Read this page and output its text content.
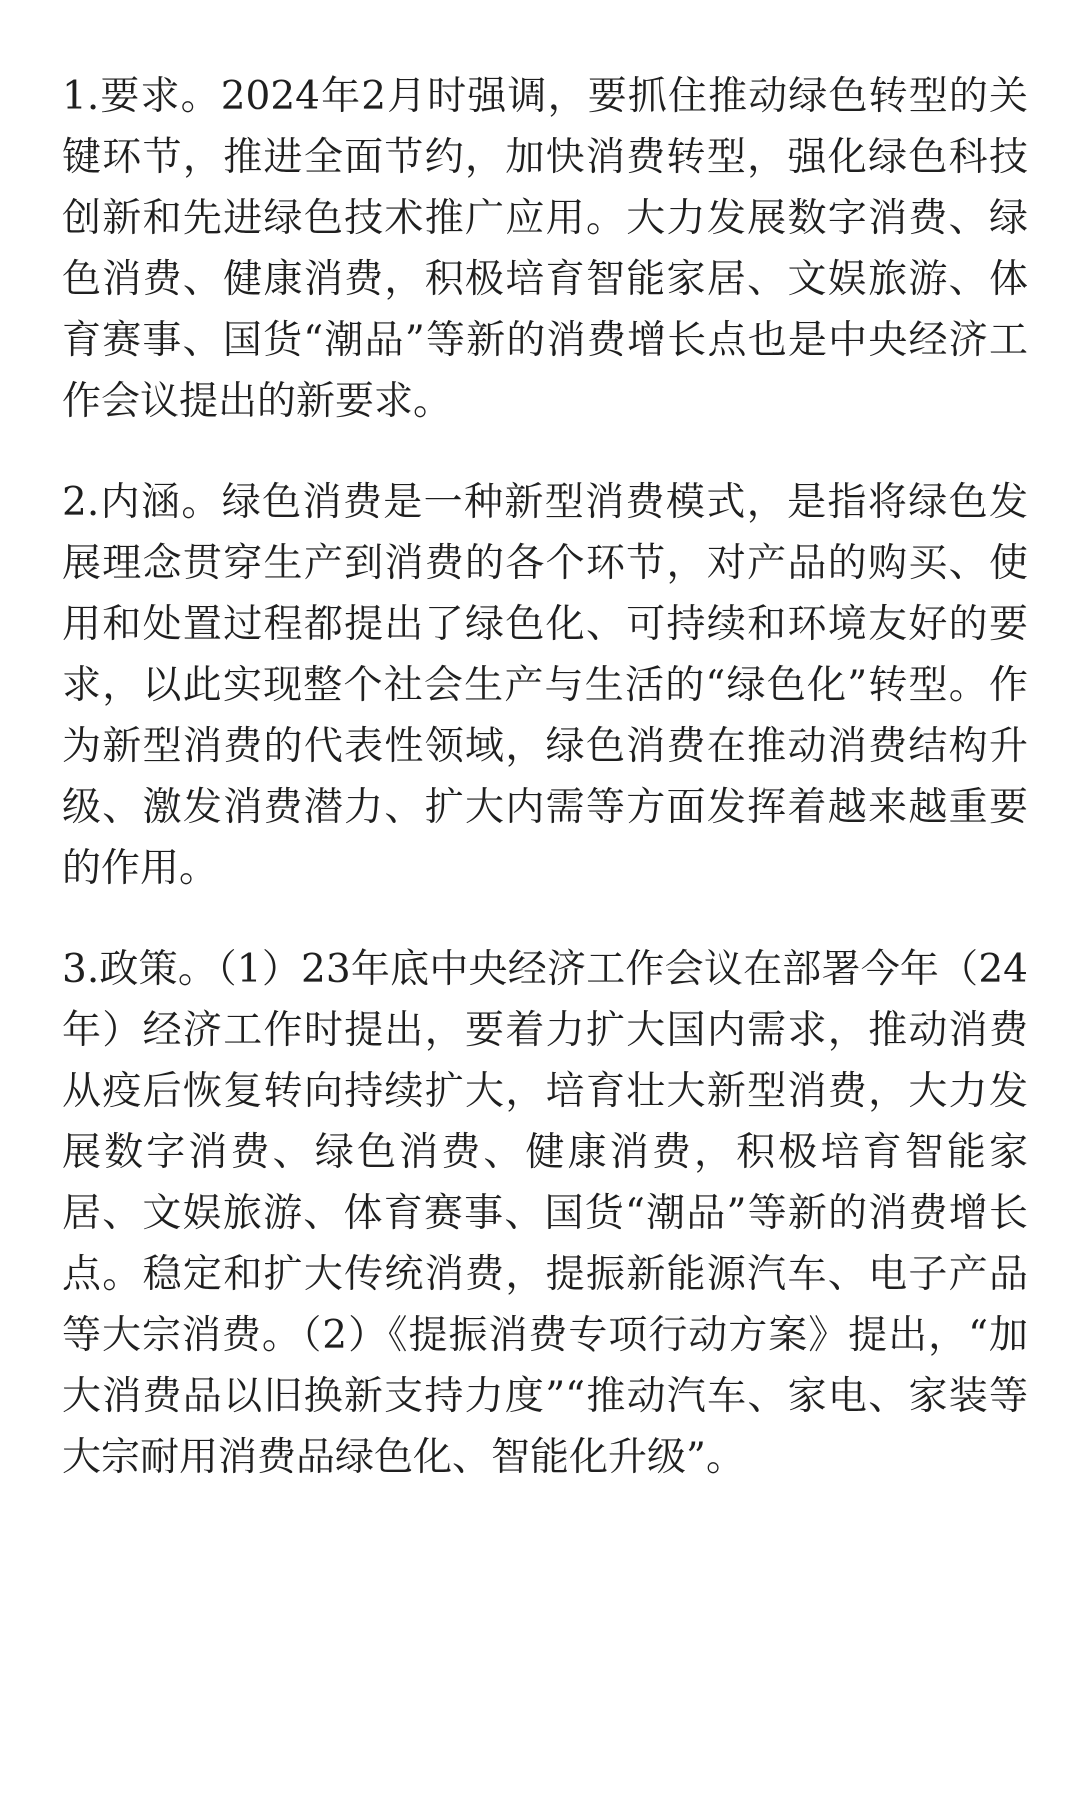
1.要求。2024年2月时强调，要抓住推动绿色转型的关键环节，推进全面节约，加快消费转型，强化绿色科技创新和先进绿色技术推广应用。大力发展数字消费、绿色消费、健康消费，积极培育智能家居、文娱旅游、体育赛事、国货“潮品”等新的消费增长点也是中央经济工作会议提出的新要求。

2.内涵。绿色消费是一种新型消费模式，是指将绿色发展理念贯穿生产到消费的各个环节，对产品的购买、使用和处置过程都提出了绿色化、可持续和环境友好的要求，以此实现整个社会生产与生活的“绿色化”转型。作为新型消费的代表性领域，绿色消费在推动消费结构升级、激发消费潜力、扩大内需等方面发挥着越来越重要的作用。

3.政策。（1）23年底中央经济工作会议在部署今年（24年）经济工作时提出，要着力扩大国内需求，推动消费从疫后恢复转向持续扩大，培育壮大新型消费，大力发展数字消费、绿色消费、健康消费，积极培育智能家居、文娱旅游、体育赛事、国货“潮品”等新的消费增长点。稳定和扩大传统消费，提振新能源汽车、电子产品等大宗消费。（2）《提振消费专项行动方案》提出，“加大消费品以旧换新支持力度”“推动汽车、家电、家装等大宗耐用消费品绿色化、智能化升级”。
